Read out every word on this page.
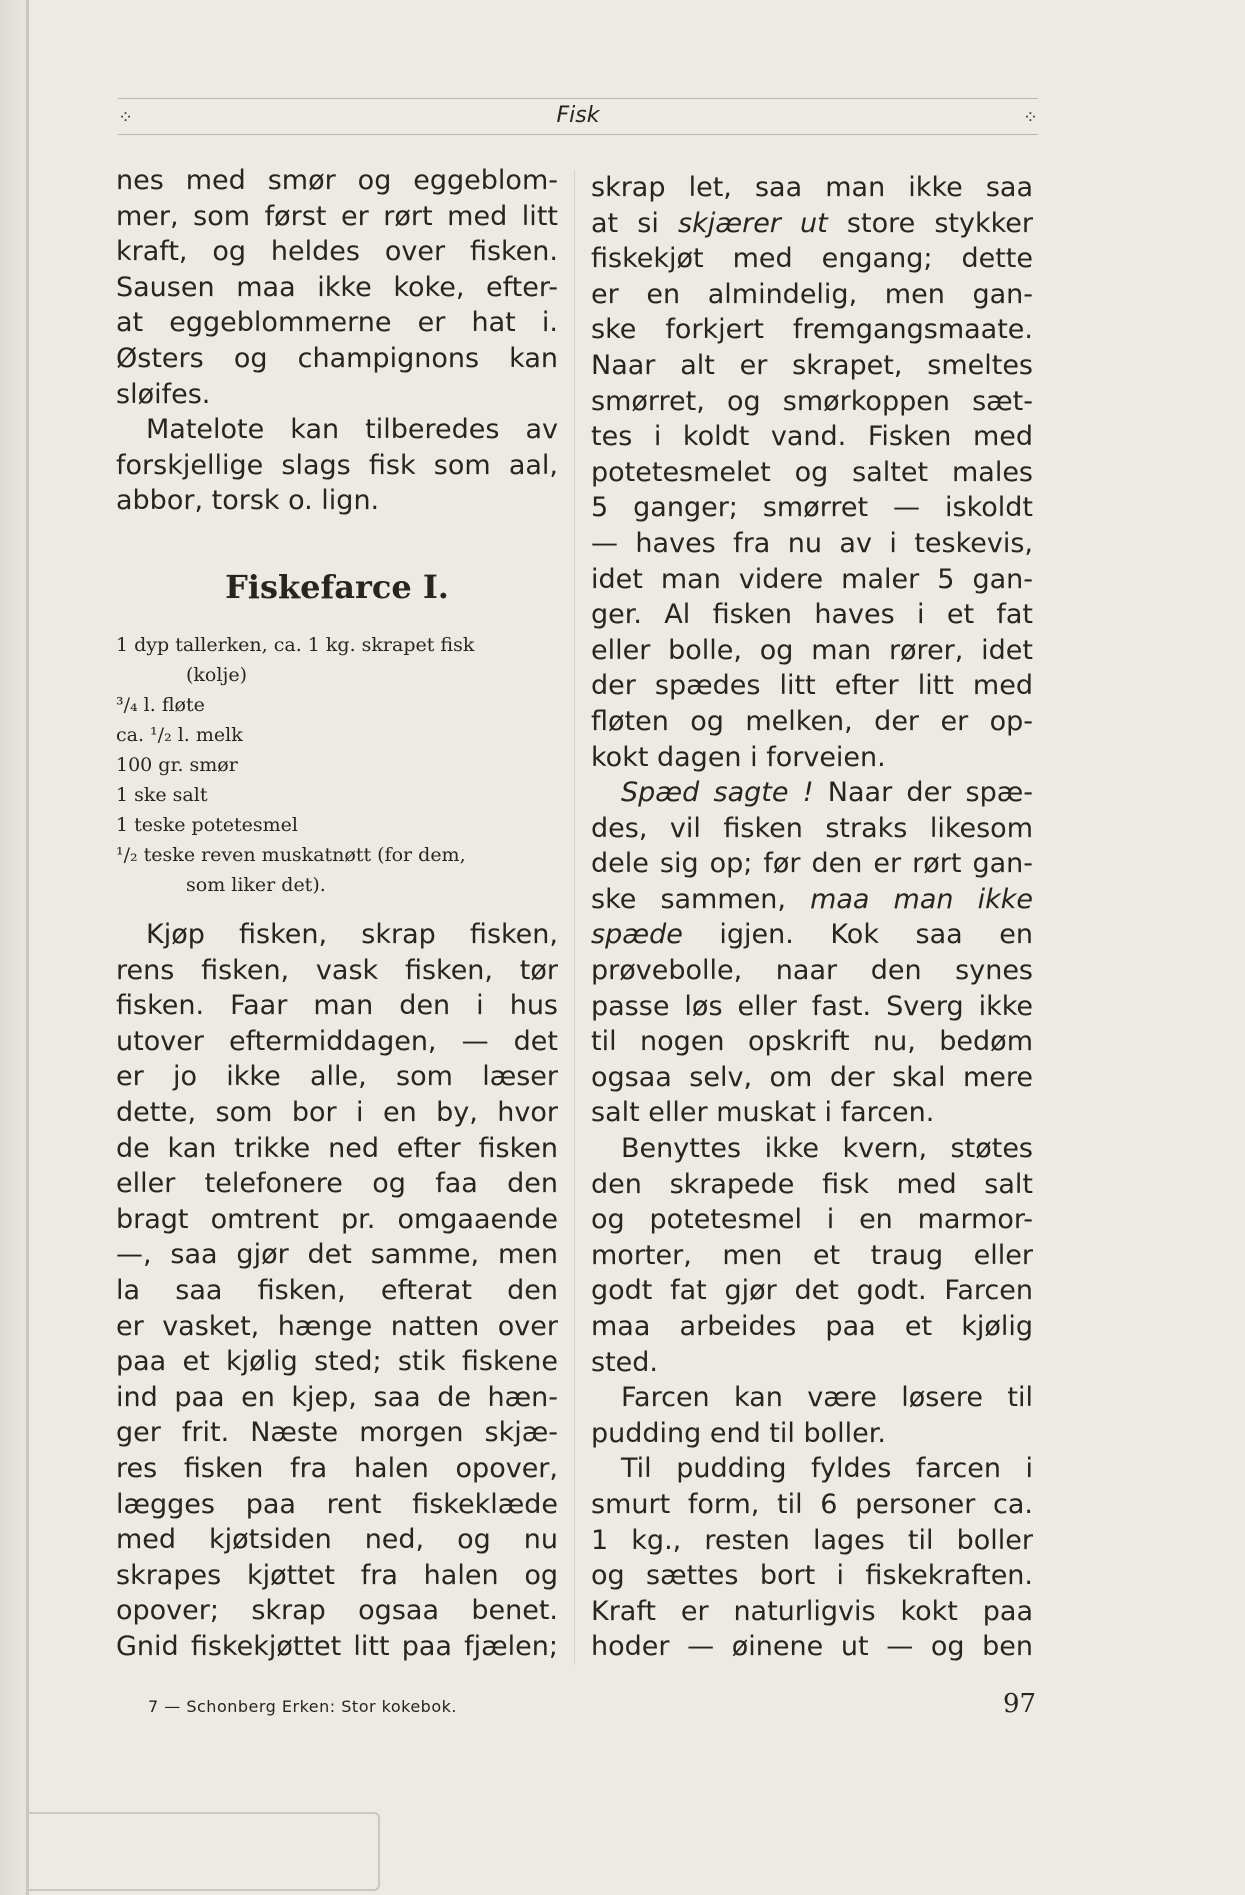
⁘	Fisk	⁘

nes med smør og eggeblom-
mer, som først er rørt med litt
kraft, og heldes over fisken.
Sausen maa ikke koke, efter-
at eggeblommerne er hat i.
Østers og champignons kan
sløifes.

Matelote kan tilberedes av
forskjellige slags fisk som aal,
abbor, torsk o. lign.

Fiskefarce I.
1 dyp tallerken, ca. 1 kg. skrapet fisk
(kolje)
³/₄ l. fløte
ca. ¹/₂ l. melk
100 gr. smør
1 ske salt
1 teske potetesmel
¹/₂ teske reven muskatnøtt (for dem,
som liker det).

Kjøp fisken, skrap fisken,
rens fisken, vask fisken, tør
fisken. Faar man den i hus
utover eftermiddagen, — det
er jo ikke alle, som læser
dette, som bor i en by, hvor
de kan trikke ned efter fisken
eller telefonere og faa den
bragt omtrent pr. omgaaende
—, saa gjør det samme, men
la saa fisken, efterat den
er vasket, hænge natten over
paa et kjølig sted; stik fiskene
ind paa en kjep, saa de hæn-
ger frit. Næste morgen skjæ-
res fisken fra halen opover,
lægges paa rent fiskeklæde
med kjøtsiden ned, og nu
skrapes kjøttet fra halen og
opover; skrap ogsaa benet.
Gnid fiskekjøttet litt paa fjælen;

skrap let, saa man ikke saa
at si skjærer ut store stykker
fiskekjøt med engang; dette
er en almindelig, men gan-
ske forkjert fremgangsmaate.
Naar alt er skrapet, smeltes
smørret, og smørkoppen sæt-
tes i koldt vand. Fisken med
potetesmelet og saltet males
5 ganger; smørret — iskoldt
— haves fra nu av i teskevis,
idet man videre maler 5 gan-
ger. Al fisken haves i et fat
eller bolle, og man rører, idet
der spædes litt efter litt med
fløten og melken, der er op-
kokt dagen i forveien.

Spæd sagte ! Naar der spæ-
des, vil fisken straks likesom
dele sig op; før den er rørt gan-
ske sammen, maa man ikke
spæde igjen. Kok saa en
prøvebolle, naar den synes
passe løs eller fast. Sverg ikke
til nogen opskrift nu, bedøm
ogsaa selv, om der skal mere
salt eller muskat i farcen.

Benyttes ikke kvern, støtes
den skrapede fisk med salt
og potetesmel i en marmor-
morter, men et traug eller
godt fat gjør det godt. Farcen
maa arbeides paa et kjølig
sted.

Farcen kan være løsere til
pudding end til boller.

Til pudding fyldes farcen i
smurt form, til 6 personer ca.
1 kg., resten lages til boller
og sættes bort i fiskekraften.
Kraft er naturligvis kokt paa
hoder — øinene ut — og ben

7 — Schonberg Erken: Stor kokebok.	97
